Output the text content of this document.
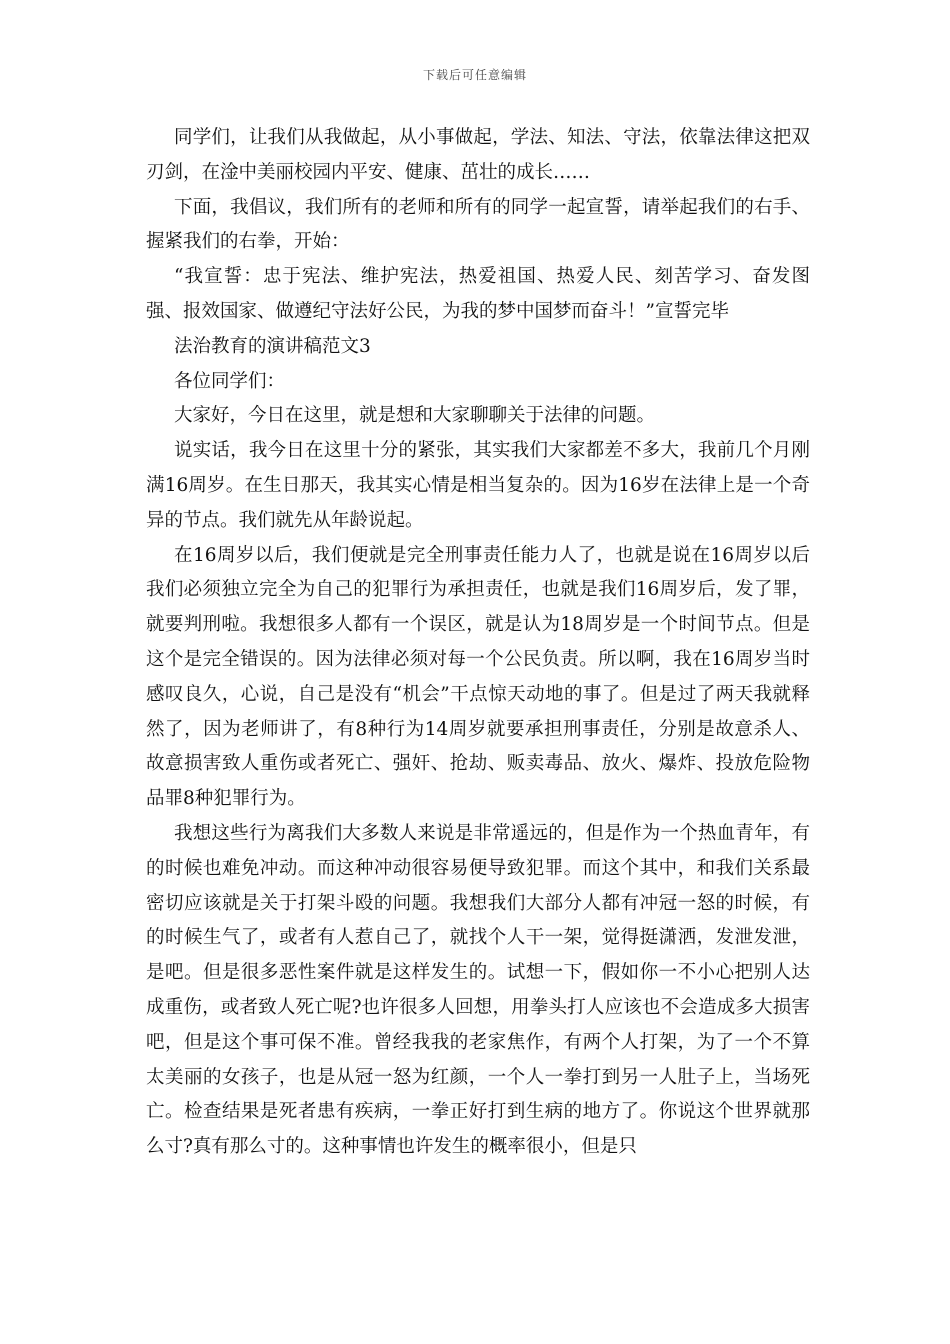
下载后可任意编辑

同学们，让我们从我做起，从小事做起，学法、知法、守法，依靠法律这把双刃剑，在淦中美丽校园内平安、健康、茁壮的成长……

下面，我倡议，我们所有的老师和所有的同学一起宣誓，请举起我们的右手、握紧我们的右拳，开始：

“我宣誓：忠于宪法、维护宪法，热爱祖国、热爱人民、刻苦学习、奋发图强、报效国家、做遵纪守法好公民，为我的梦中国梦而奋斗！”宣誓完毕

法治教育的演讲稿范文3

各位同学们：

大家好，今日在这里，就是想和大家聊聊关于法律的问题。

说实话，我今日在这里十分的紧张，其实我们大家都差不多大，我前几个月刚满16周岁。在生日那天，我其实心情是相当复杂的。因为16岁在法律上是一个奇异的节点。我们就先从年龄说起。

在16周岁以后，我们便就是完全刑事责任能力人了，也就是说在16周岁以后我们必须独立完全为自己的犯罪行为承担责任，也就是我们16周岁后，发了罪，就要判刑啦。我想很多人都有一个误区，就是认为18周岁是一个时间节点。但是这个是完全错误的。因为法律必须对每一个公民负责。所以啊，我在16周岁当时感叹良久，心说，自己是没有“机会”干点惊天动地的事了。但是过了两天我就释然了，因为老师讲了，有8种行为14周岁就要承担刑事责任，分别是故意杀人、故意损害致人重伤或者死亡、强奸、抢劫、贩卖毒品、放火、爆炸、投放危险物品罪8种犯罪行为。

我想这些行为离我们大多数人来说是非常遥远的，但是作为一个热血青年，有的时候也难免冲动。而这种冲动很容易便导致犯罪。而这个其中，和我们关系最密切应该就是关于打架斗殴的问题。我想我们大部分人都有冲冠一怒的时候，有的时候生气了，或者有人惹自己了，就找个人干一架，觉得挺潇洒，发泄发泄，是吧。但是很多恶性案件就是这样发生的。试想一下，假如你一不小心把别人达成重伤，或者致人死亡呢?也许很多人回想，用拳头打人应该也不会造成多大损害吧，但是这个事可保不准。曾经我我的老家焦作，有两个人打架，为了一个不算太美丽的女孩子，也是从冠一怒为红颜，一个人一拳打到另一人肚子上，当场死亡。检查结果是死者患有疾病，一拳正好打到生病的地方了。你说这个世界就那么寸?真有那么寸的。这种事情也许发生的概率很小，但是只
